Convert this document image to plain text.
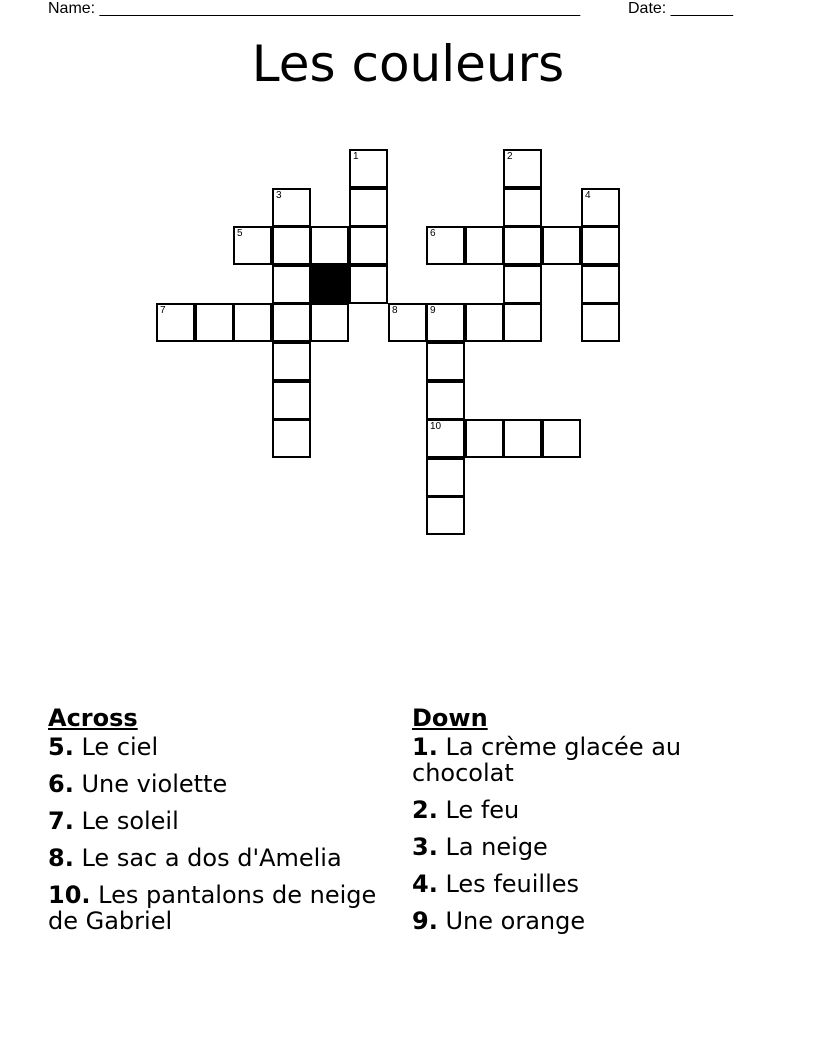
Name: ______________________________________________________	Date: _______
Les couleurs
1	2
3	4
5	6
7	8	9
10
Across
5. Le ciel
6. Une violette
7. Le soleil
8. Le sac a dos d'Amelia
10. Les pantalons de neige de Gabriel
Down
1. La crème glacée au chocolat
2. Le feu
3. La neige
4. Les feuilles
9. Une orange
